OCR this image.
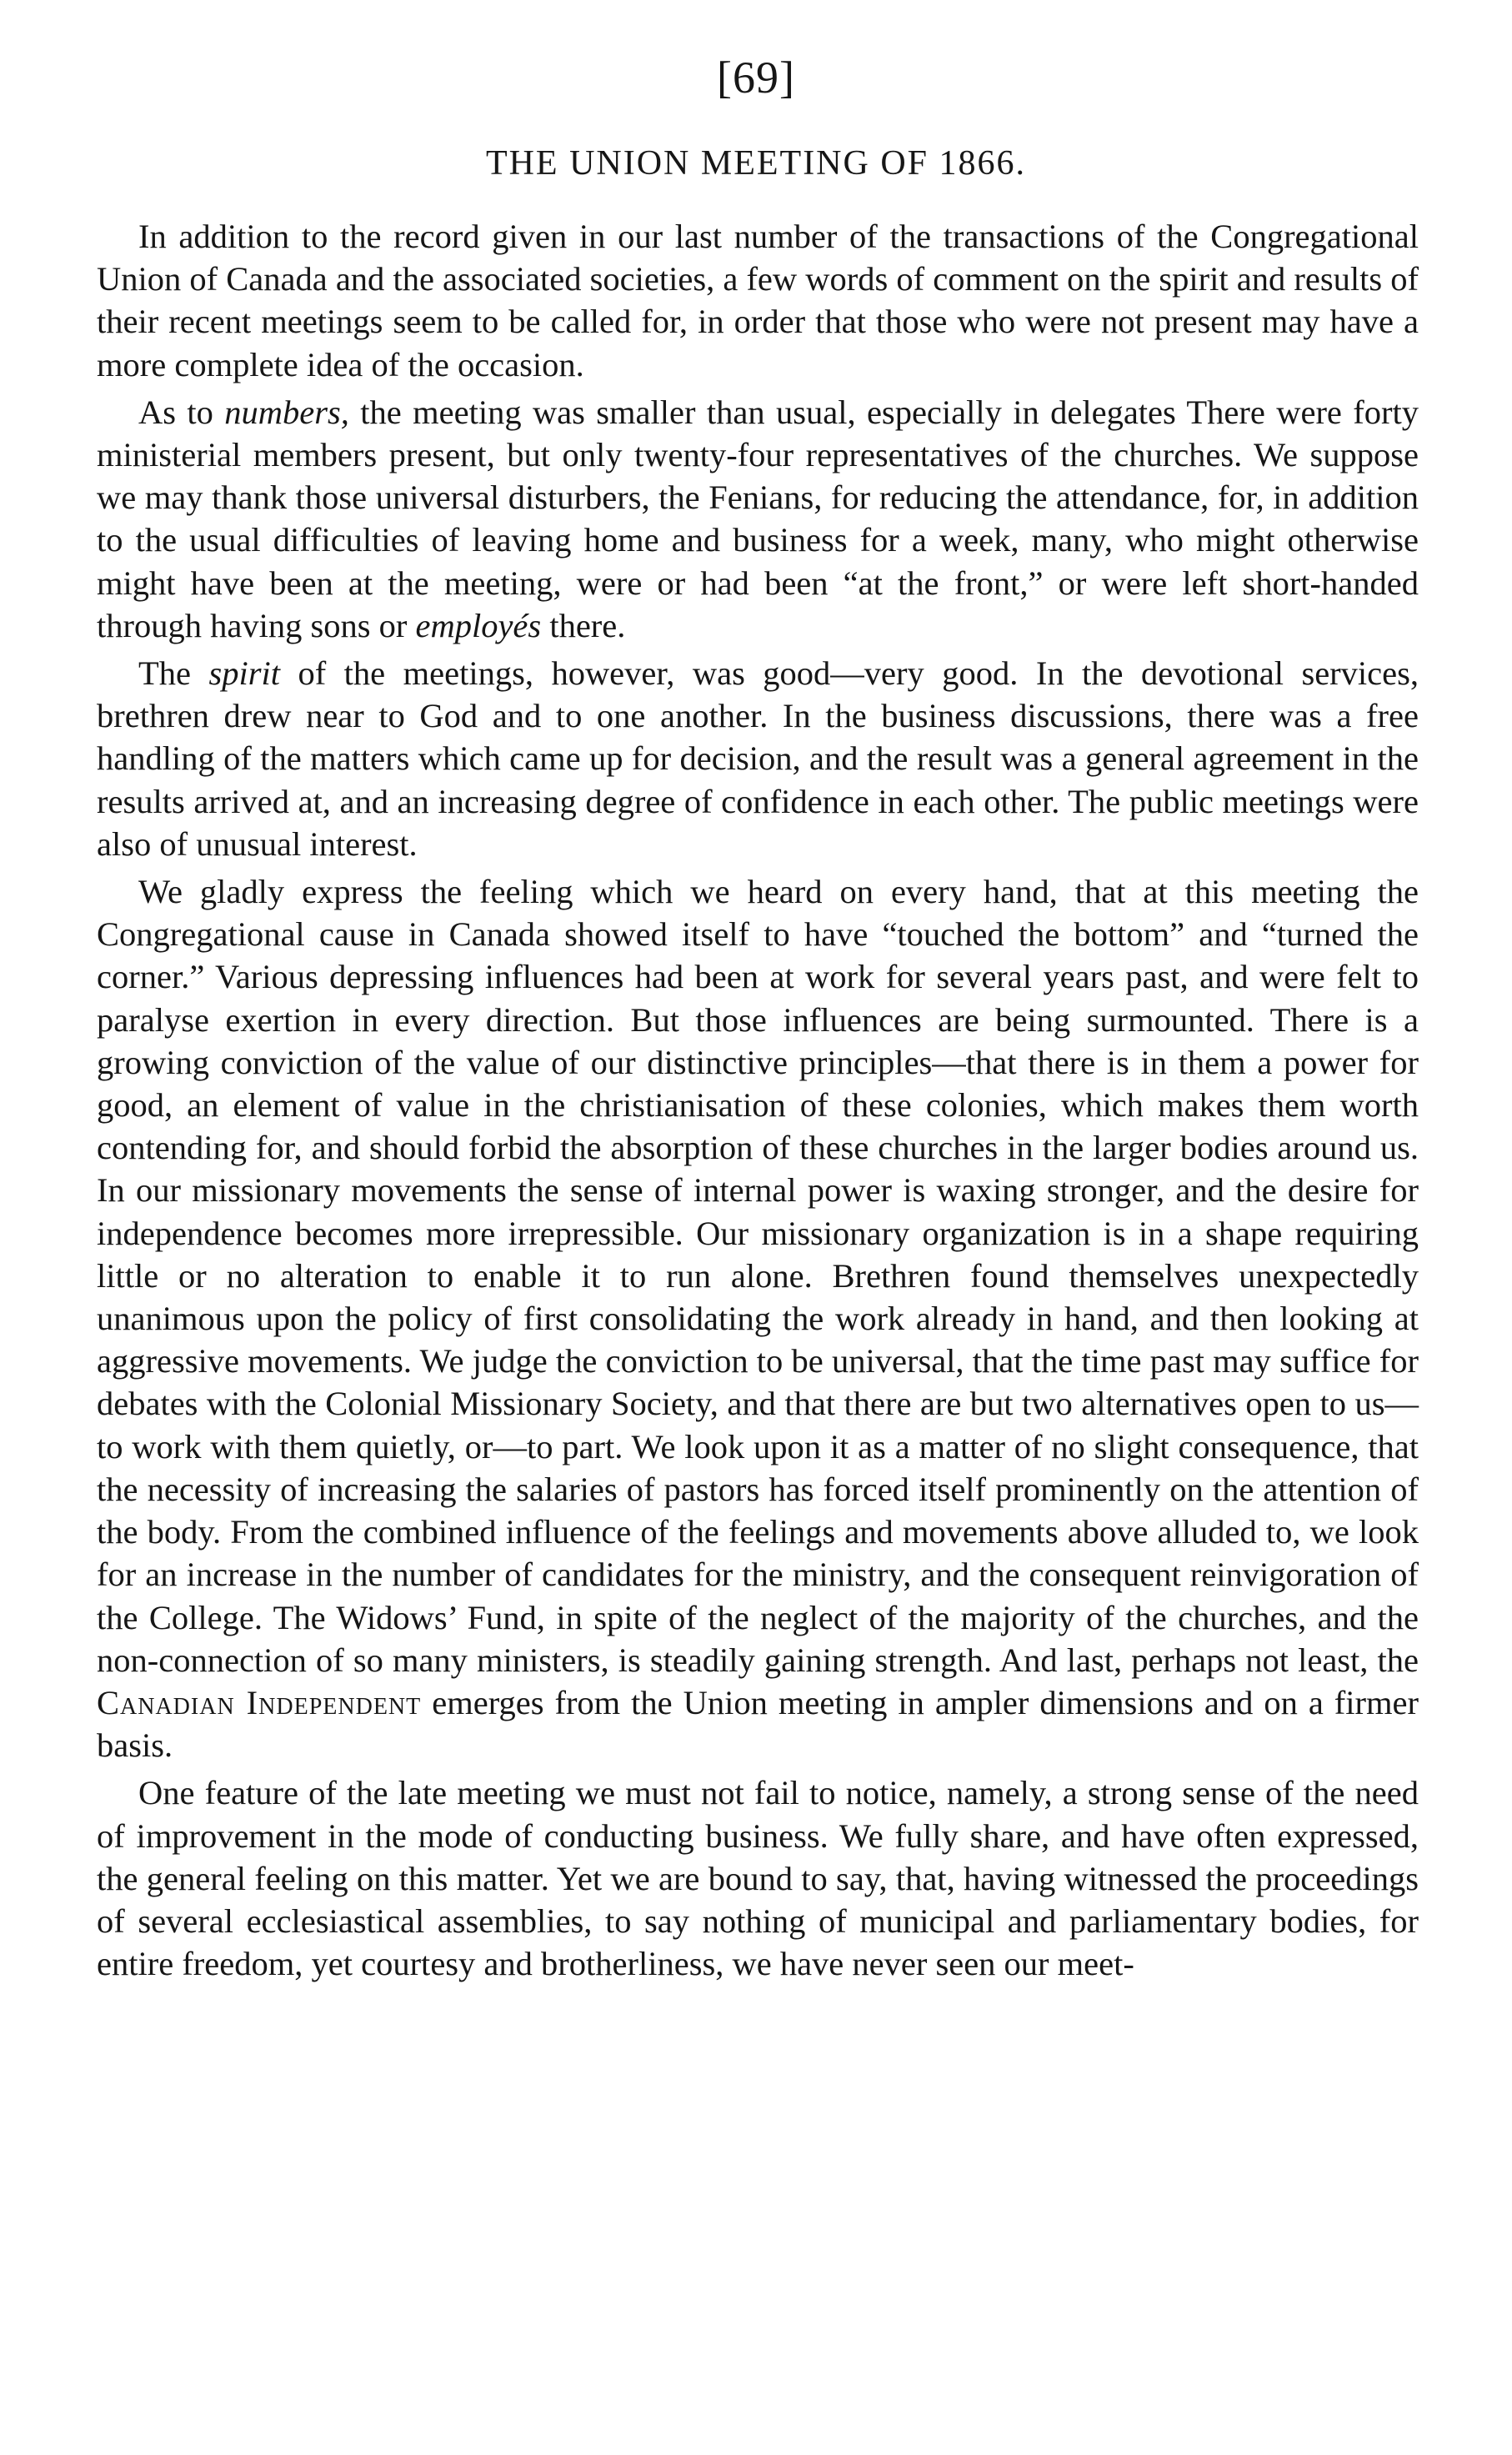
[69]
THE UNION MEETING OF 1866.

In addition to the record given in our last number of the transactions of the Congregational Union of Canada and the associated societies, a few words of comment on the spirit and results of their recent meetings seem to be called for, in order that those who were not present may have a more complete idea of the occasion.

As to numbers, the meeting was smaller than usual, especially in delegates There were forty ministerial members present, but only twenty-four representatives of the churches. We suppose we may thank those universal disturbers, the Fenians, for reducing the attendance, for, in addition to the usual difficulties of leaving home and business for a week, many, who might otherwise might have been at the meeting, were or had been “at the front,” or were left short-handed through having sons or employés there.

The spirit of the meetings, however, was good—very good. In the devotional services, brethren drew near to God and to one another. In the business discussions, there was a free handling of the matters which came up for decision, and the result was a general agreement in the results arrived at, and an increasing degree of confidence in each other. The public meetings were also of unusual interest.

We gladly express the feeling which we heard on every hand, that at this meeting the Congregational cause in Canada showed itself to have “touched the bottom” and “turned the corner.” Various depressing influences had been at work for several years past, and were felt to paralyse exertion in every direction. But those influences are being surmounted. There is a growing conviction of the value of our distinctive principles—that there is in them a power for good, an element of value in the christianisation of these colonies, which makes them worth contending for, and should forbid the absorption of these churches in the larger bodies around us. In our missionary movements the sense of internal power is waxing stronger, and the desire for independence becomes more irrepressible. Our missionary organization is in a shape requiring little or no alteration to enable it to run alone. Brethren found themselves unexpectedly unanimous upon the policy of first consolidating the work already in hand, and then looking at aggressive movements. We judge the conviction to be universal, that the time past may suffice for debates with the Colonial Missionary Society, and that there are but two alternatives open to us—to work with them quietly, or—to part. We look upon it as a matter of no slight consequence, that the necessity of increasing the salaries of pastors has forced itself prominently on the attention of the body. From the combined influence of the feelings and movements above alluded to, we look for an increase in the number of candidates for the ministry, and the consequent reinvigoration of the College. The Widows’ Fund, in spite of the neglect of the majority of the churches, and the non-connection of so many ministers, is steadily gaining strength. And last, perhaps not least, the Canadian Independent emerges from the Union meeting in ampler dimensions and on a firmer basis.

One feature of the late meeting we must not fail to notice, namely, a strong sense of the need of improvement in the mode of conducting business. We fully share, and have often expressed, the general feeling on this matter. Yet we are bound to say, that, having witnessed the proceedings of several ecclesiastical assemblies, to say nothing of municipal and parliamentary bodies, for entire freedom, yet courtesy and brotherliness, we have never seen our meet-
